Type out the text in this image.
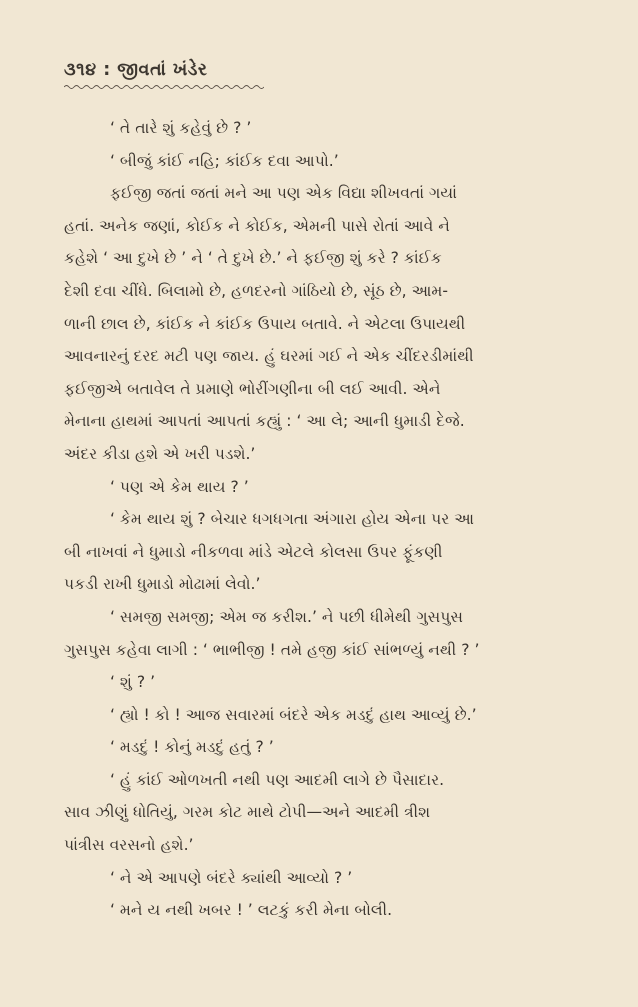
૩૧૪ : જીવતાં ખંડેર

‘ તે તારે શું કહેવું છે ? ’

‘ બીજું કાંઈ નહિ; કાંઈક દવા આપો.’

ફઈજી જતાં જતાં મને આ પણ એક વિદ્યા શીખવતાં ગયાં
હતાં. અનેક જણાં, કોઈક ને કોઈક, એમની પાસે રોતાં આવે ને
કહેશે ‘ આ દુખે છે ’ ને ‘ તે દુખે છે.’ ને ફઈજી શું કરે ? કાંઈક
દેશી દવા ચીંધે. બિલામો છે, હળદરનો ગાંઠિયો છે, સૂંઠ છે, આમ-
ળાની છાલ છે, કાંઈક ને કાંઈક ઉપાય બતાવે. ને એટલા ઉપાયથી
આવનારનું દરદ મટી પણ જાય. હું ઘરમાં ગઈ ને એક ચીંદરડીમાંથી
ફઈજીએ બતાવેલ તે પ્રમાણે ભોરીંગણીના બી લઈ આવી. એને
મેનાના હાથમાં આપતાં આપતાં કહ્યું : ‘ આ લે; આની ધુમાડી દેજે.
અંદર કીડા હશે એ ખરી પડશે.’
‘ પણ એ કેમ થાય ? ’
‘ કેમ થાય શું ? બેચાર ધગધગતા અંગારા હોય એના પર આ
બી નાખવાં ને ધુમાડો નીકળવા માંડે એટલે કોલસા ઉપર ફૂંકણી
પકડી રાખી ધુમાડો મોઢામાં લેવો.’
‘ સમજી સમજી; એમ જ કરીશ.’ ને પછી ધીમેથી ગુસપુસ
ગુસપુસ કહેવા લાગી : ‘ ભાભીજી ! તમે હજી કાંઈ સાંભળ્યું નથી ? ’
‘ શું ? ’
‘ હ્યો ! કો ! આજ સવારમાં બંદરે એક મડદું હાથ આવ્યું છે.’
‘ મડદું ! કોનું મડદું હતું ? ’
‘ હું કાંઈ ઓળખતી નથી પણ આદમી લાગે છે પૈસાદાર.
સાવ ઝીણું ધોતિયું, ગરમ કોટ માથે ટોપી—અને આદમી ત્રીશ
પાંત્રીસ વરસનો હશે.’
‘ ને એ આપણે બંદરે ક્યાંથી આવ્યો ? ’
‘ મને ય નથી ખબર ! ’ લટકું કરી મેના બોલી.
